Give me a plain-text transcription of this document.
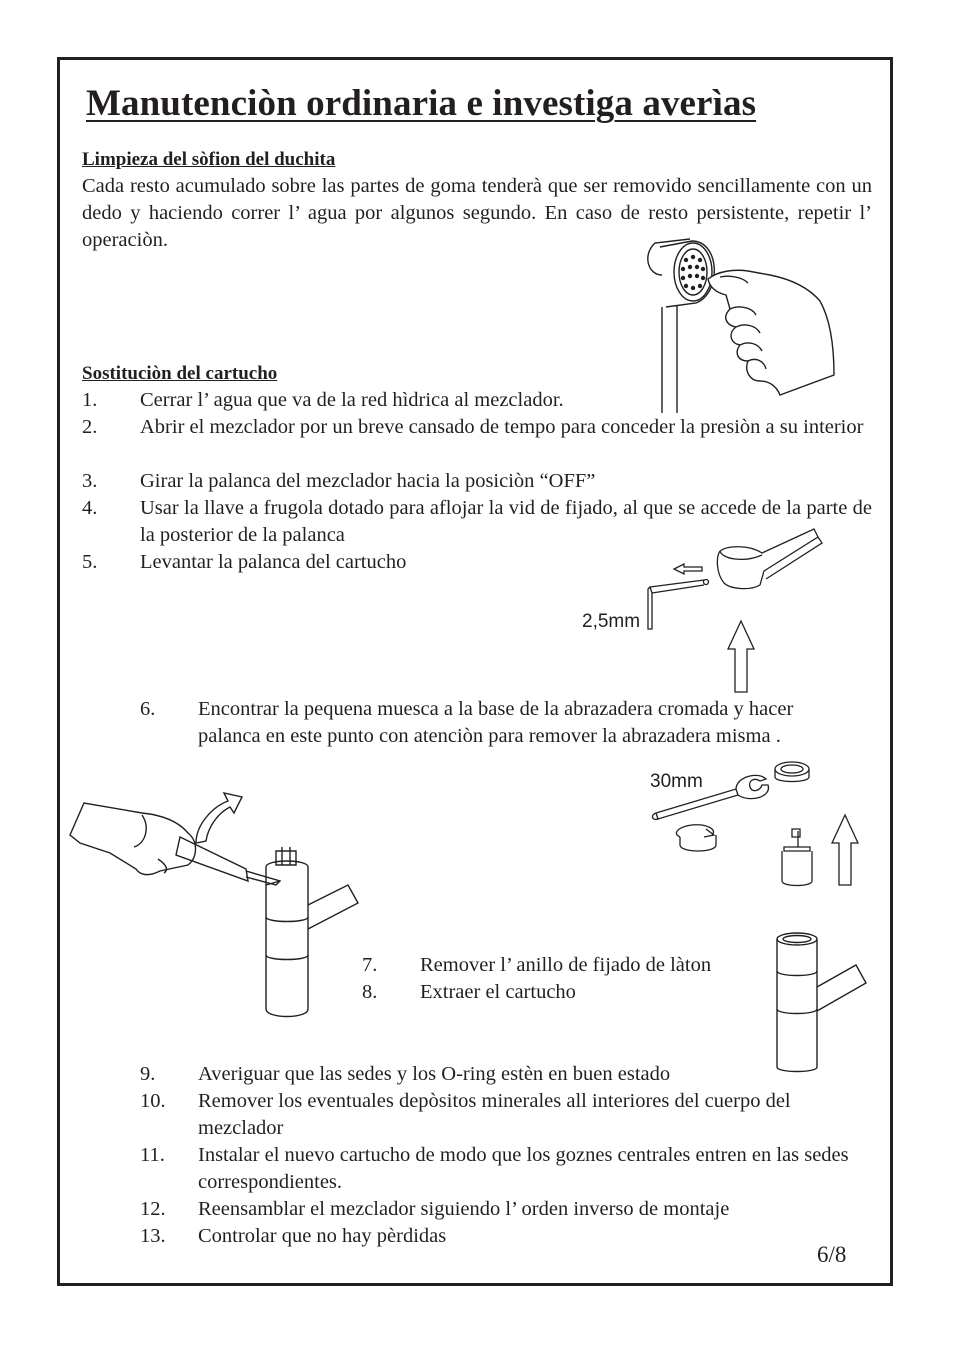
Manutenciòn ordinaria e investiga averìas
Limpieza del sòfion del duchita
Cada resto acumulado sobre las partes de goma tenderà que ser removido sencillamente con un dedo y haciendo correr l’ agua por algunos segundo. En caso de resto persistente, repetir l’ operaciòn.
Sostituciòn del cartucho
1. Cerrar l’ agua que va de la red hìdrica al mezclador.
2. Abrir el mezclador por un breve cansado de tempo para conceder la presiòn a su interior
3. Girar la palanca del mezclador hacia la posiciòn “OFF”
4. Usar la llave a frugola dotado para aflojar la vid de fijado, al que se accede de la parte de la posterior de la palanca
5. Levantar la palanca del cartucho
2,5mm
6. Encontrar la pequena muesca a la base de la abrazadera cromada y hacer palanca en este punto con atenciòn para remover la abrazadera misma .
30mm
7. Remover l’ anillo de fijado de làton
8. Extraer el cartucho
9. Averiguar que las sedes y los O-ring estèn en buen estado
10. Remover los eventuales depòsitos minerales all interiores del cuerpo del mezclador
11. Instalar el nuevo cartucho de modo que los goznes centrales entren en las sedes correspondientes.
12. Reensamblar el mezclador siguiendo l’ orden inverso de montaje
13. Controlar que no hay pèrdidas
6/8
